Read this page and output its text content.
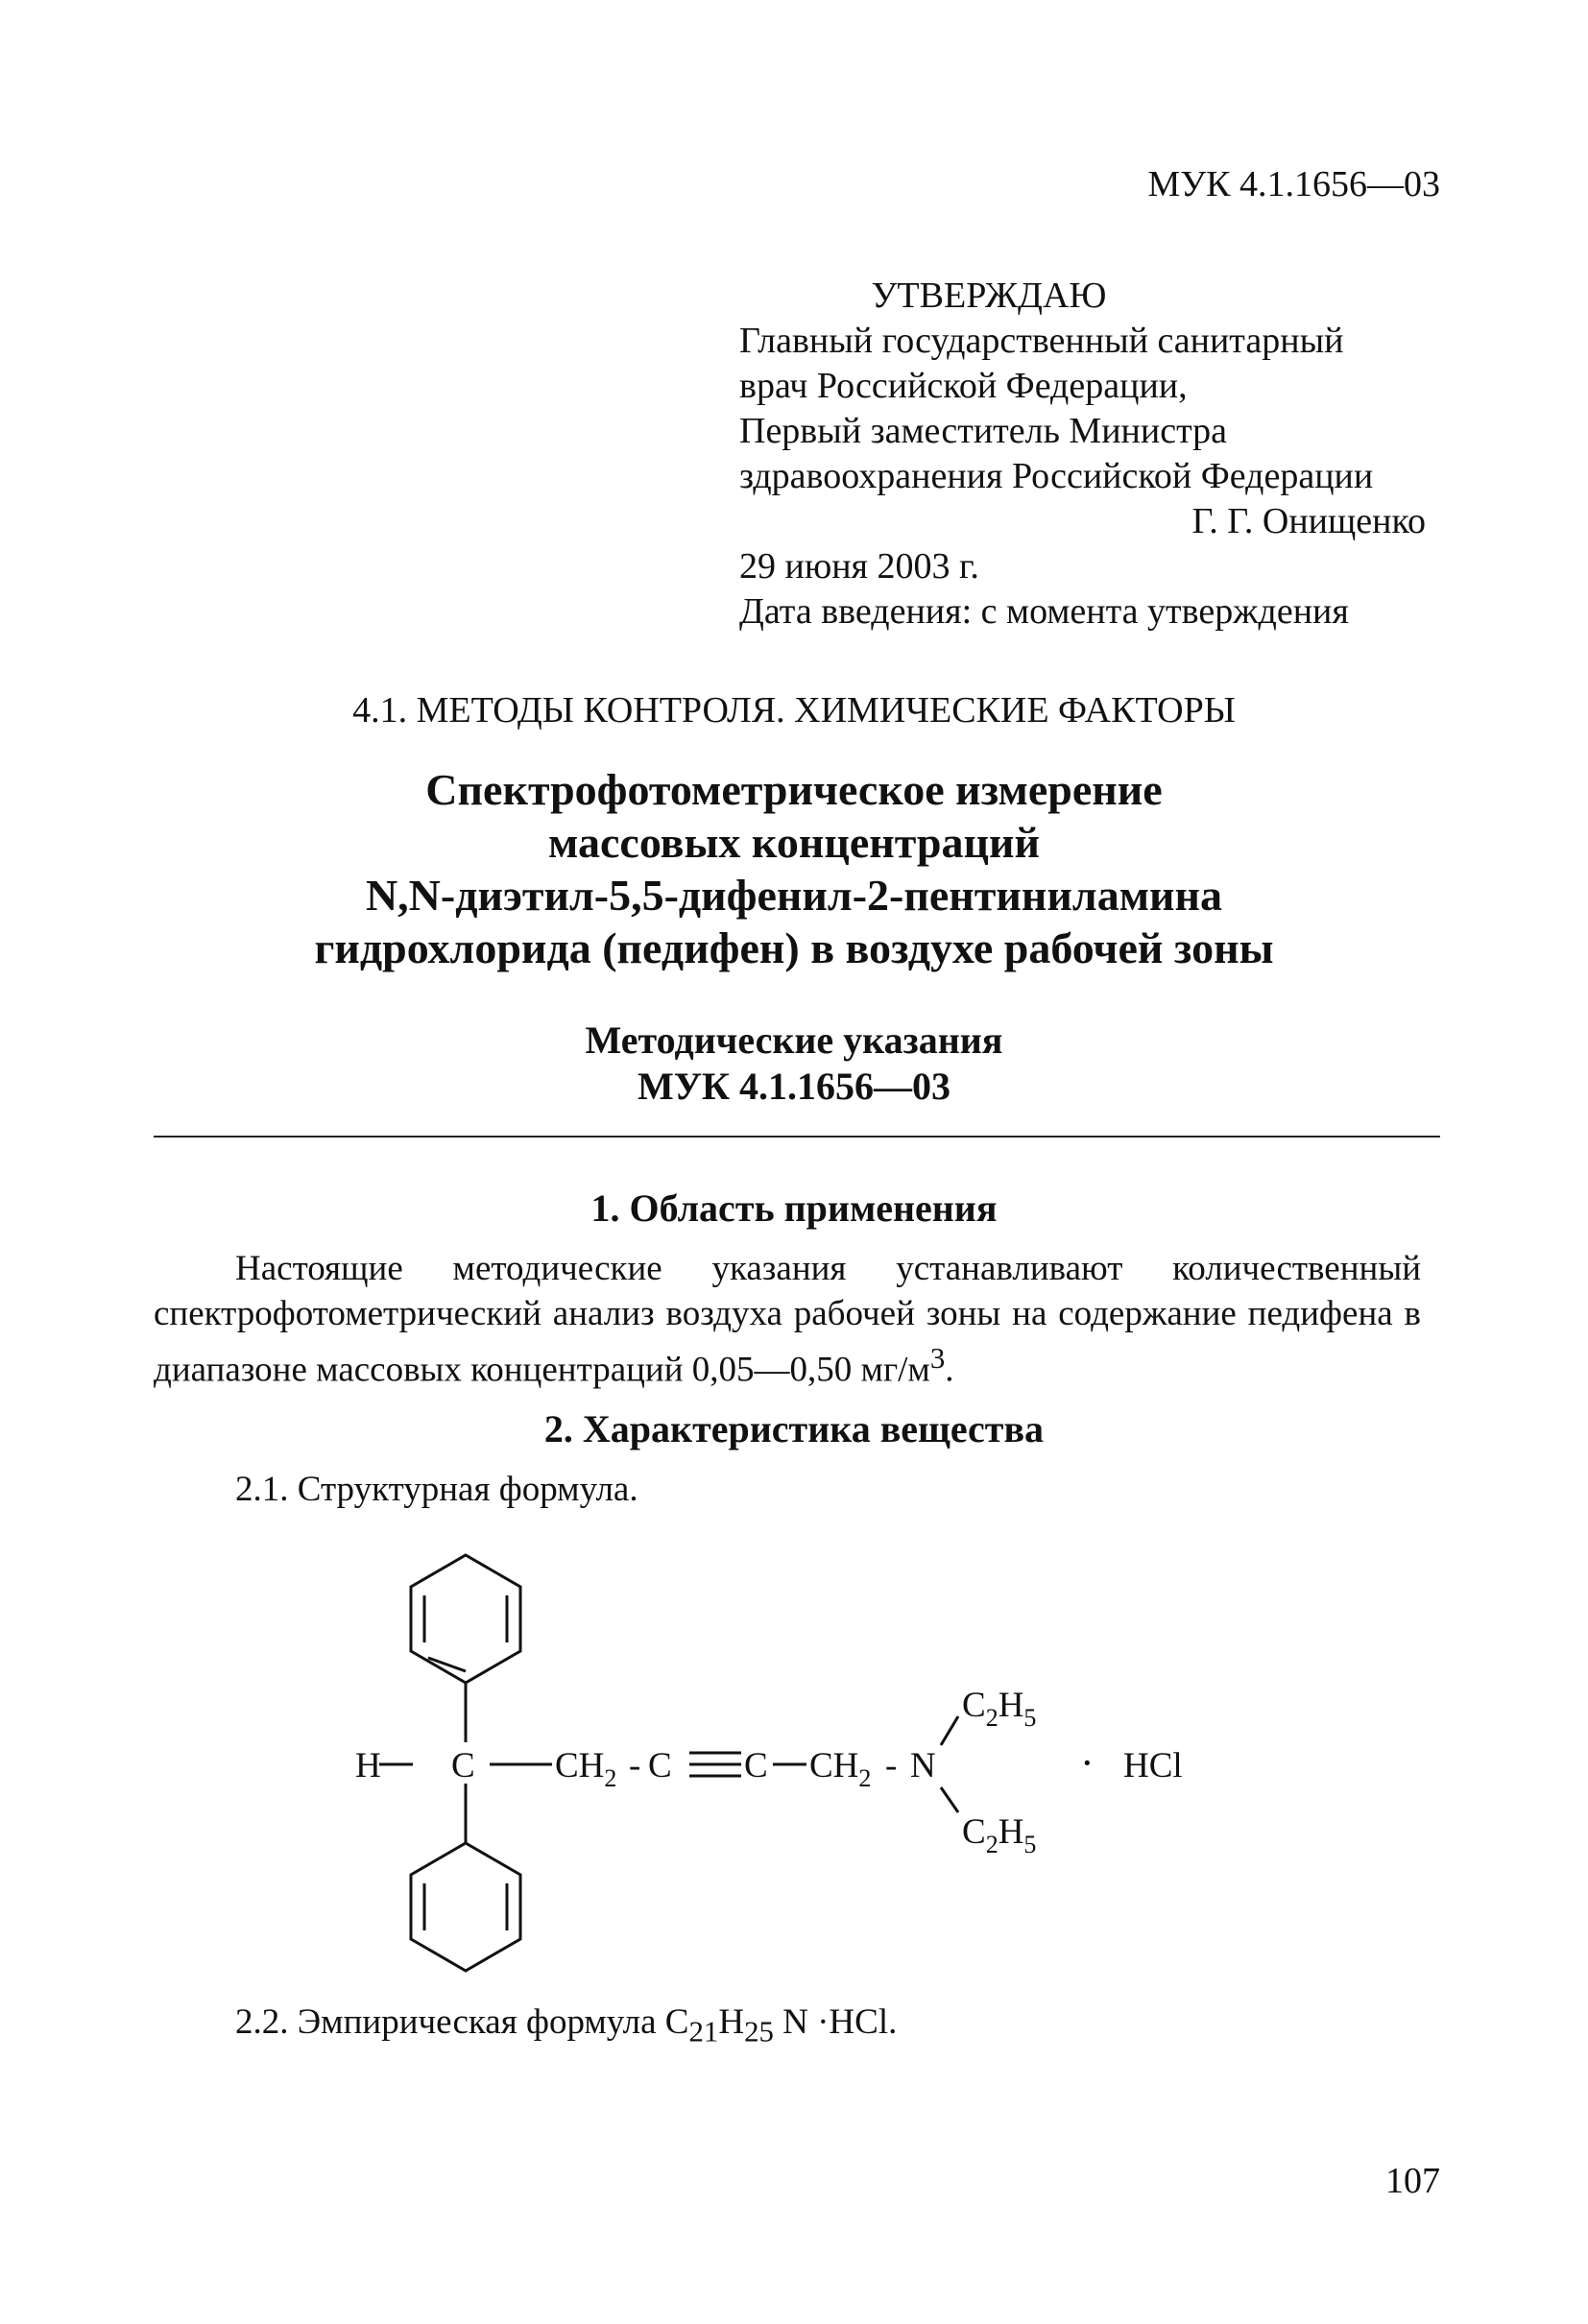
МУК 4.1.1656—03
УТВЕРЖДАЮ
Главный государственный санитарный
врач Российской Федерации,
Первый заместитель Министра
здравоохранения Российской Федерации
Г. Г. Онищенко
29 июня 2003 г.
Дата введения: с момента утверждения
4.1. МЕТОДЫ КОНТРОЛЯ. ХИМИЧЕСКИЕ ФАКТОРЫ
Спектрофотометрическое измерение
массовых концентраций
N,N-диэтил-5,5-дифенил-2-пентиниламина
гидрохлорида (педифен) в воздухе рабочей зоны
Методические указания
МУК 4.1.1656—03
1. Область применения
Настоящие методические указания устанавливают количественный спектрофотометрический анализ воздуха рабочей зоны на содержание педифена в диапазоне массовых концентраций 0,05—0,50 $мг/м^3$.
2. Характеристика вещества
2.1. Структурная формула.
H C $CH_2$ - C C $CH_2$ - N
$C_2H_5$
$C_2H_5$
· HCl
2.2. Эмпирическая формула $C_{21}H_{25}$ N ·HCl.
107
